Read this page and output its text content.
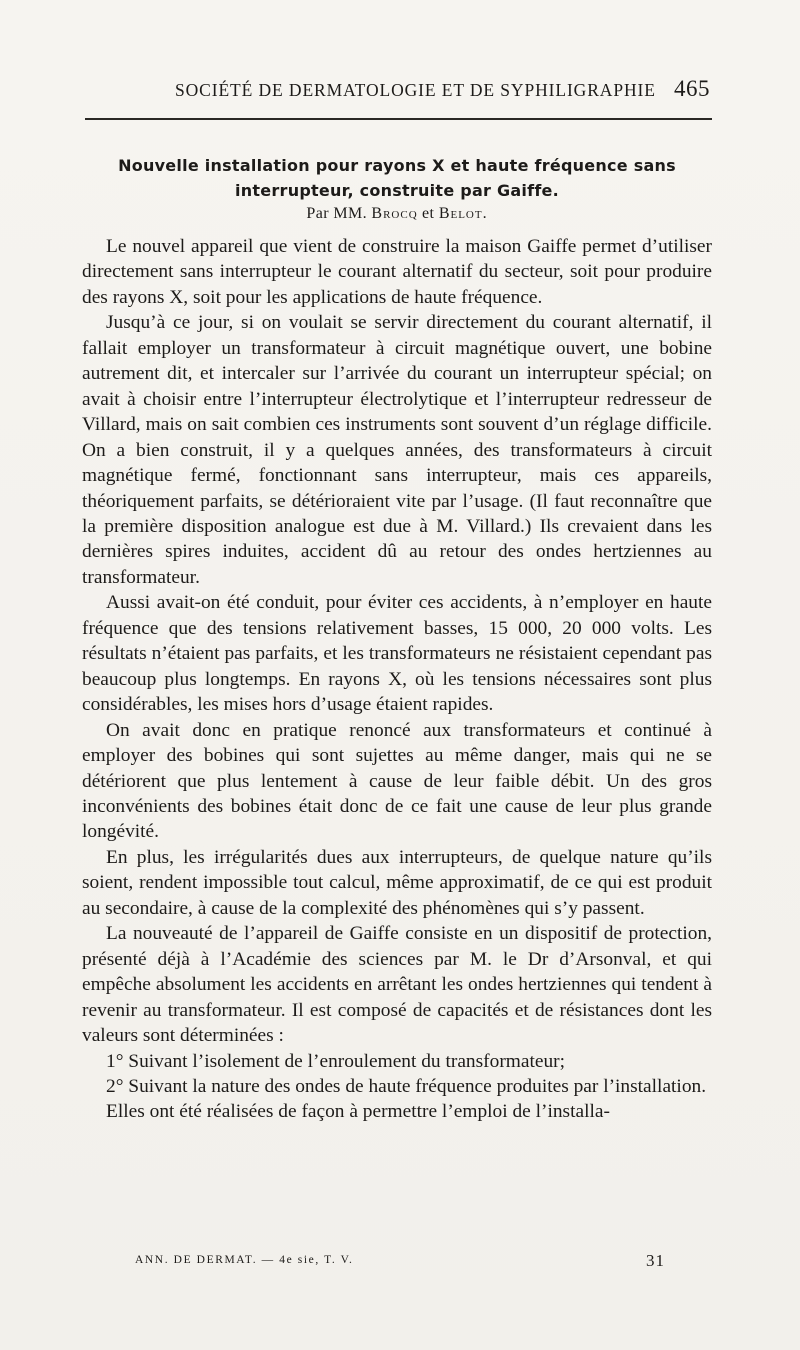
SOCIÉTÉ DE DERMATOLOGIE ET DE SYPHILIGRAPHIE 465
Nouvelle installation pour rayons X et haute fréquence sans interrupteur, construite par Gaiffe.
Par MM. Brocq et Belot.

Le nouvel appareil que vient de construire la maison Gaiffe permet d’utiliser directement sans interrupteur le courant alternatif du secteur, soit pour produire des rayons X, soit pour les applications de haute fréquence.

Jusqu’à ce jour, si on voulait se servir directement du courant alternatif, il fallait employer un transformateur à circuit magnétique ouvert, une bobine autrement dit, et intercaler sur l’arrivée du courant un interrupteur spécial; on avait à choisir entre l’interrupteur électrolytique et l’interrupteur redresseur de Villard, mais on sait combien ces instruments sont souvent d’un réglage difficile. On a bien construit, il y a quelques années, des transformateurs à circuit magnétique fermé, fonctionnant sans interrupteur, mais ces appareils, théoriquement parfaits, se détérioraient vite par l’usage. (Il faut reconnaître que la première disposition analogue est due à M. Villard.) Ils crevaient dans les dernières spires induites, accident dû au retour des ondes hertziennes au transformateur.

Aussi avait-on été conduit, pour éviter ces accidents, à n’employer en haute fréquence que des tensions relativement basses, 15 000, 20 000 volts. Les résultats n’étaient pas parfaits, et les transformateurs ne résistaient cependant pas beaucoup plus longtemps. En rayons X, où les tensions nécessaires sont plus considérables, les mises hors d’usage étaient rapides.

On avait donc en pratique renoncé aux transformateurs et continué à employer des bobines qui sont sujettes au même danger, mais qui ne se détériorent que plus lentement à cause de leur faible débit. Un des gros inconvénients des bobines était donc de ce fait une cause de leur plus grande longévité.

En plus, les irrégularités dues aux interrupteurs, de quelque nature qu’ils soient, rendent impossible tout calcul, même approximatif, de ce qui est produit au secondaire, à cause de la complexité des phénomènes qui s’y passent.

La nouveauté de l’appareil de Gaiffe consiste en un dispositif de protection, présenté déjà à l’Académie des sciences par M. le Dr d’Arsonval, et qui empêche absolument les accidents en arrêtant les ondes hertziennes qui tendent à revenir au transformateur. Il est composé de capacités et de résistances dont les valeurs sont déterminées :

1° Suivant l’isolement de l’enroulement du transformateur;

2° Suivant la nature des ondes de haute fréquence produites par l’installation.

Elles ont été réalisées de façon à permettre l’emploi de l’installa-

ANN. DE DERMAT. — 4e sie, T. V.	31
